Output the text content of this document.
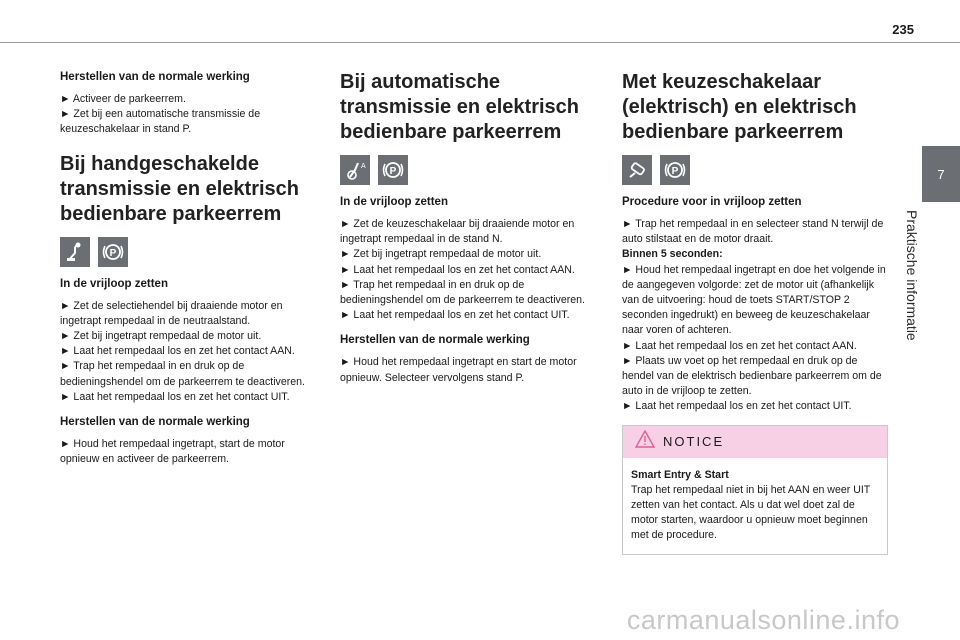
235
7
Praktische informatie
Herstellen van de normale werking

► Activeer de parkeerrem.
► Zet bij een automatische transmissie de keuzeschakelaar in stand P.

Bij handgeschakelde transmissie en elektrisch bedienbare parkeerrem
P
In de vrijloop zetten

► Zet de selectiehendel bij draaiende motor en ingetrapt rempedaal in de neutraalstand.
► Zet bij ingetrapt rempedaal de motor uit.
► Laat het rempedaal los en zet het contact AAN.
► Trap het rempedaal in en druk op de bedieningshendel om de parkeerrem te deactiveren.
► Laat het rempedaal los en zet het contact UIT.

Herstellen van de normale werking

► Houd het rempedaal ingetrapt, start de motor opnieuw en activeer de parkeerrem.

Bij automatische transmissie en elektrisch bedienbare parkeerrem
A P
In de vrijloop zetten

► Zet de keuzeschakelaar bij draaiende motor en ingetrapt rempedaal in de stand N.
► Zet bij ingetrapt rempedaal de motor uit.
► Laat het rempedaal los en zet het contact AAN.
► Trap het rempedaal in en druk op de bedieningshendel om de parkeerrem te deactiveren.
► Laat het rempedaal los en zet het contact UIT.

Herstellen van de normale werking

► Houd het rempedaal ingetrapt en start de motor opnieuw. Selecteer vervolgens stand P.

Met keuzeschakelaar (elektrisch) en elektrisch bedienbare parkeerrem
P
Procedure voor in vrijloop zetten

► Trap het rempedaal in en selecteer stand N terwijl de auto stilstaat en de motor draait.

Binnen 5 seconden:

► Houd het rempedaal ingetrapt en doe het volgende in de aangegeven volgorde: zet de motor uit (afhankelijk van de uitvoering: houd de toets START/STOP 2 seconden ingedrukt) en beweeg de keuzeschakelaar naar voren of achteren.
► Laat het rempedaal los en zet het contact AAN.
► Plaats uw voet op het rempedaal en druk op de hendel van de elektrisch bedienbare parkeerrem om de auto in de vrijloop te zetten.
► Laat het rempedaal los en zet het contact UIT.

NOTICE

Smart Entry & Start

Trap het rempedaal niet in bij het AAN en weer UIT zetten van het contact. Als u dat wel doet zal de motor starten, waardoor u opnieuw moet beginnen met de procedure.

carmanualsonline.info
